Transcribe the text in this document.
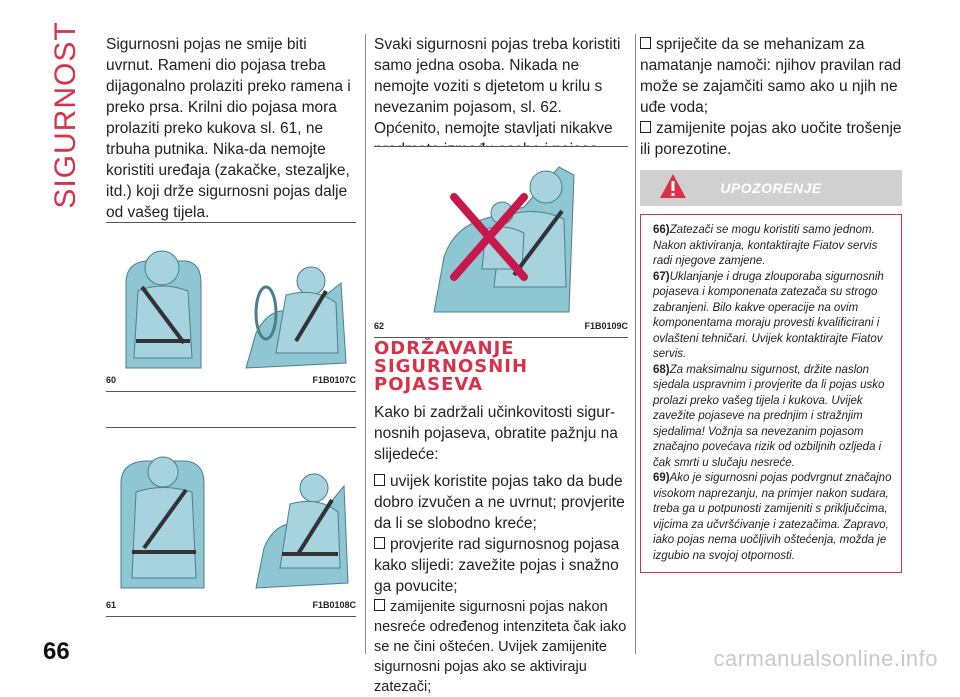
SIGURNOST Sigurnosni pojas ne smije biti uvrnut. Rameni dio pojasa treba dijagonalno prolaziti preko ramena i preko prsa. Krilni dio pojasa mora prolaziti preko kukova sl. 61, ne trbuha putnika. Nika-da nemojte koristiti uređaja (zakačke, stezaljke, itd.) koji drže sigurnosni pojas dalje od vašeg tijela.

60	F1B0107C
61	F1B0108C

Svaki sigurnosni pojas treba koristiti samo jedna osoba. Nikada ne nemojte voziti s djetetom u krilu s nevezanim pojasom, sl. 62. Općenito, nemojte stavljati nikakve

62	F1B0109C

ODRŽAVANJE

SIGURNOSNIH

POJASEVA

Kako bi zadržali učinkovitosti sigur-nosnih pojaseva, obratite pažnju na slijedeće:

uvijek koristite pojas tako da bude dobro izvučen a ne uvrnut; provjerite da li se slobodno kreće;

provjerite rad sigurnosnog pojasa kako slijedi: zavežite pojas i snažno ga povucite;

zamijenite sigurnosni pojas nakon nesreće određenog intenziteta čak iako se ne čini oštećen. Uvijek zamijenite sigurnosni pojas ako se aktiviraju zatezači;

spriječite da se mehanizam za namatanje namoči: njihov pravilan rad može se zajamčiti samo ako u njih ne uđe voda;

zamijenite pojas ako uočite trošenje ili porezotine.

UPOZORENJE

66)Zatezači se mogu koristiti samo jednom. Nakon aktiviranja, kontaktirajte Fiatov servis radi njegove zamjene.

67)Uklanjanje i druga zlouporaba sigurnosnih pojaseva i komponenata zatezača su strogo zabranjeni. Bilo kakve operacije na ovim komponentama moraju provesti kvalificirani i ovlašteni tehničari. Uvijek kontaktirajte Fiatov servis.

68)Za maksimalnu sigurnost, držite naslon sjedala uspravnim i provjerite da li pojas usko prolazi preko vašeg tijela i kukova. Uvijek zavežite pojaseve na prednjim i stražnjim sjedalima! Vožnja sa nevezanim pojasom značajno povećava rizik od ozbiljnih ozljeda i čak smrti u slučaju nesreće.

69)Ako je sigurnosni pojas podvrgnut značajno visokom naprezanju, na primjer nakon sudara, treba ga u potpunosti zamijeniti s priključcima, vijcima za učvršćivanje i zatezačima. Zapravo, iako pojas nema uočljivih oštećenja, možda je izgubio na svojoj otpornosti.

66	carmanualsonline.info
